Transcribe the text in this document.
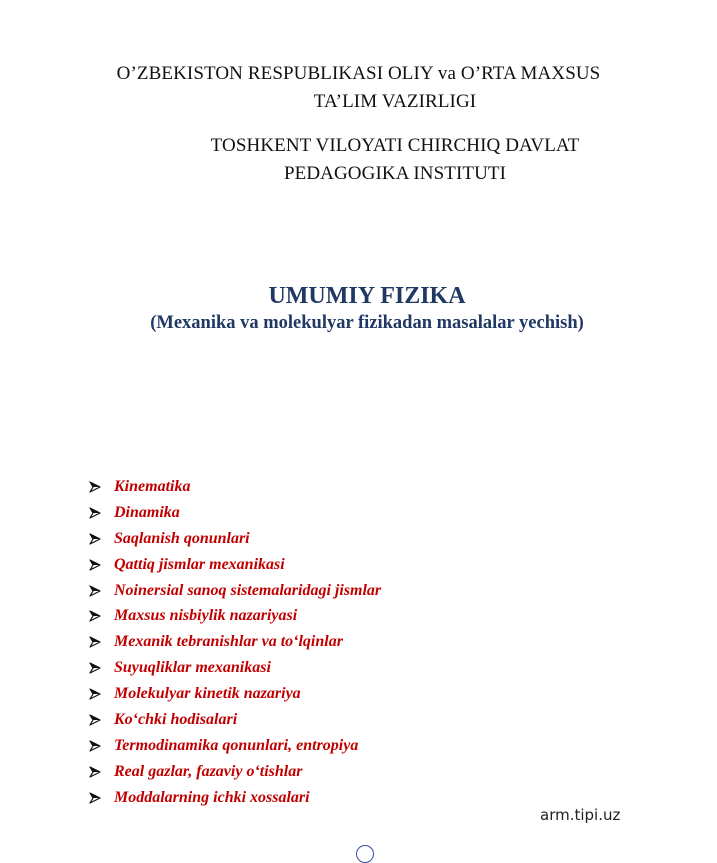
O’ZBEKISTON RESPUBLIKASI OLIY va O’RTA MAXSUS
TA’LIM VAZIRLIGI
TOSHKENT VILOYATI CHIRCHIQ DAVLAT
PEDAGOGIKA INSTITUTI
UMUMIY FIZIKA
(Mexanika va molekulyar fizikadan masalalar yechish)
Kinematika
Dinamika
Saqlanish qonunlari
Qattiq jismlar mexanikasi
Noinersial sanoq sistemalaridagi jismlar
Maxsus nisbiylik nazariyasi
Mexanik tebranishlar va to‘lqinlar
Suyuqliklar mexanikasi
Molekulyar kinetik nazariya
Ko‘chki hodisalari
Termodinamika qonunlari, entropiya
Real gazlar, fazaviy o‘tishlar
Moddalarning ichki xossalari
arm.tipi.uz
